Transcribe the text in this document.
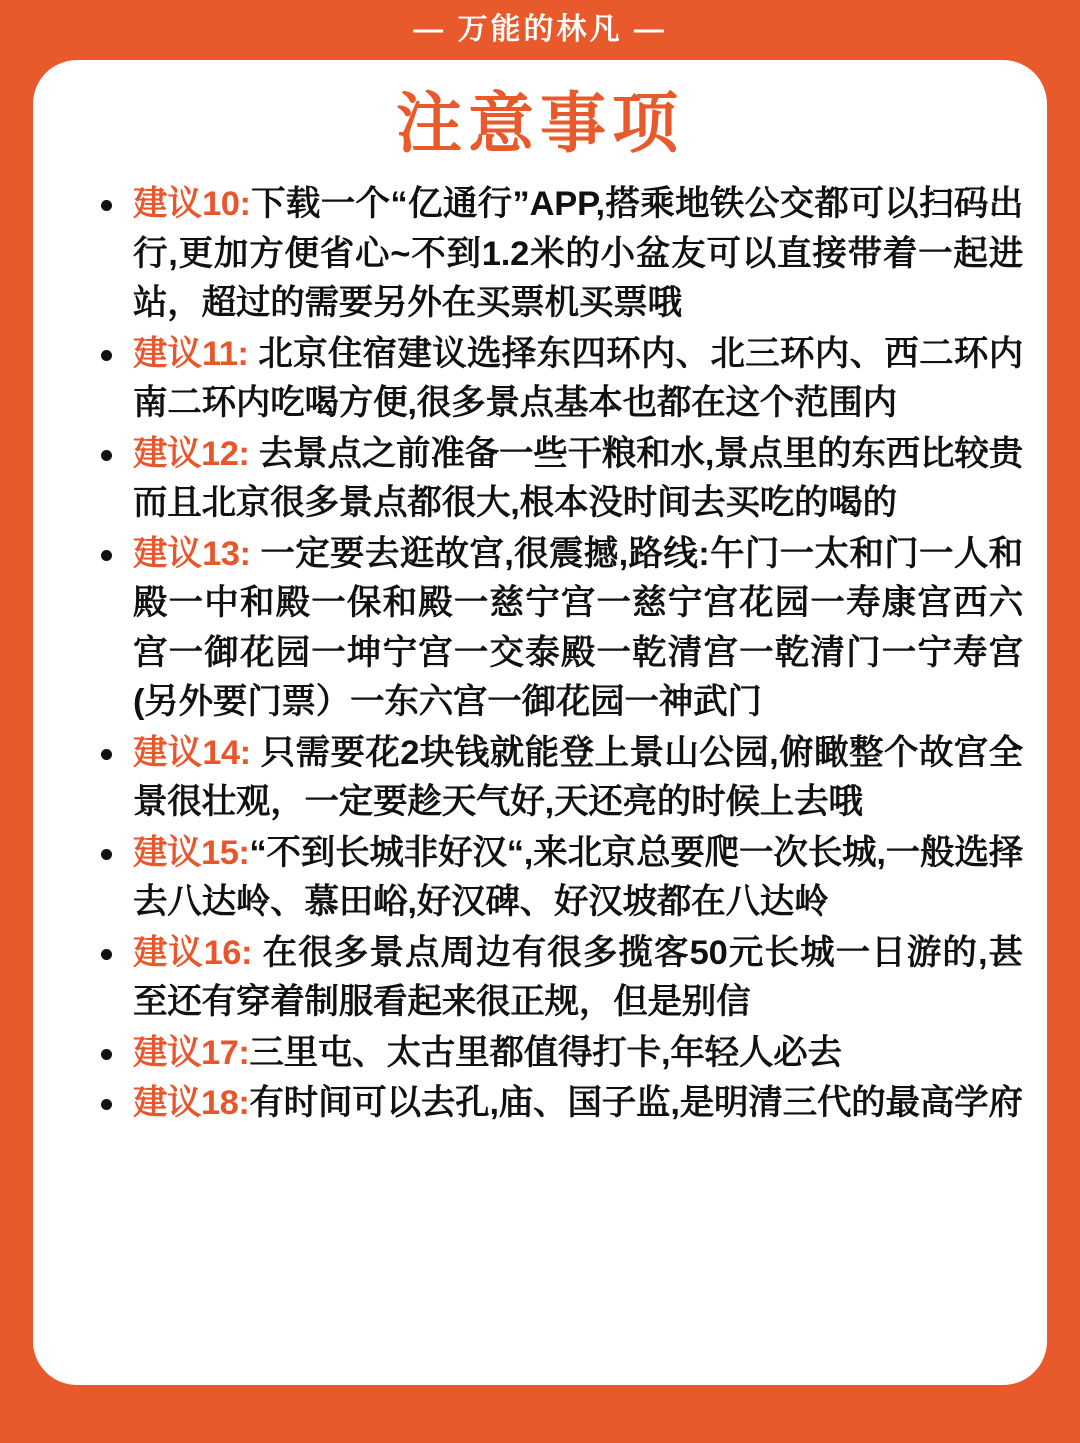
— 万能的林凡 —
注意事项
建议10:下载一个“亿通行”APP,搭乘地铁公交都可以扫码出行,更加方便省心~不到1.2米的小盆友可以直接带着一起进站，超过的需要另外在买票机买票哦
建议11: 北京住宿建议选择东四环内、北三环内、西二环内南二环内吃喝方便,很多景点基本也都在这个范围内
建议12: 去景点之前准备一些干粮和水,景点里的东西比较贵而且北京很多景点都很大,根本没时间去买吃的喝的
建议13: 一定要去逛故宫,很震撼,路线:午门一太和门一人和殿一中和殿一保和殿一慈宁宫一慈宁宫花园一寿康宫西六宫一御花园一坤宁宫一交泰殿一乾清宫一乾清门一宁寿宫(另外要门票）一东六宫一御花园一神武门
建议14: 只需要花2块钱就能登上景山公园,俯瞰整个故宫全景很壮观，一定要趁天气好,天还亮的时候上去哦
建议15:“不到长城非好汉“,来北京总要爬一次长城,一般选择去八达岭、慕田峪,好汉碑、好汉坡都在八达岭
建议16: 在很多景点周边有很多揽客50元长城一日游的,甚至还有穿着制服看起来很正规，但是别信
建议17:三里屯、太古里都值得打卡,年轻人必去
建议18:有时间可以去孔,庙、国子监,是明清三代的最高学府
